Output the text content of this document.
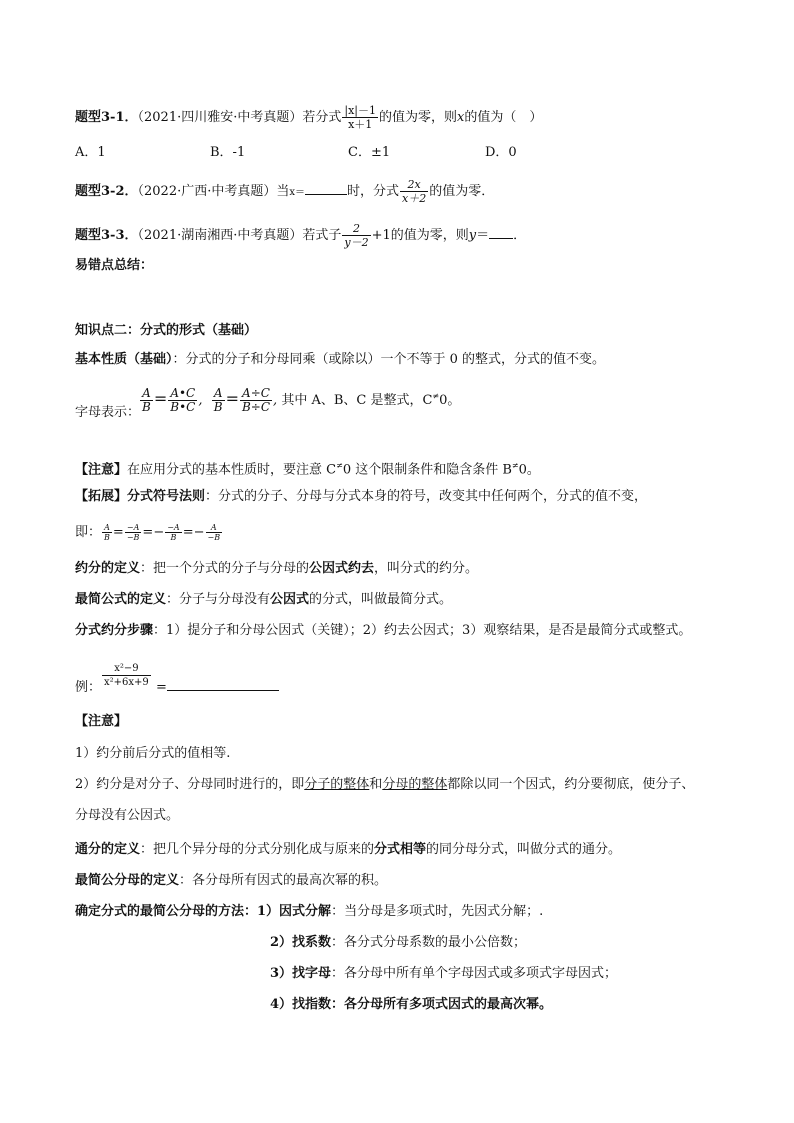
题型3-1．（2021·四川雅安·中考真题）若分式 $\frac{|x|-1}{x+1}$ 的值为零，则x的值为（　）
A．1	B．-1	C．±1	D．0
题型3-2．（2022·广西·中考真题）当x＝	时，分式 $\frac{2x}{x+2}$ 的值为零．
题型3-3．（2021·湖南湘西·中考真题）若式子 $\frac{2}{y-2} +1$的值为零，则y＝ ．
易错点总结：
知识点二：分式的形式（基础）
基本性质（基础）：分式的分子和分母同乘（或除以）一个不等于 0 的整式，分式的值不变。
字母表示： $\frac{A}{B} = \frac{A•C}{B•C}$ , $\frac{A}{B} = \frac{A\div C}{B\div C}$ , 其中 A、B、C 是整式，C≠0。
【注意】在应用分式的基本性质时，要注意 C≠0 这个限制条件和隐含条件 B≠0。
【拓展】分式符号法则：分式的分子、分母与分式本身的符号，改变其中任何两个，分式的值不变，
即： $\frac{A}{B} = \frac{-A}{-B} =- \frac{-A}{B} =- \frac{A}{-B}$
约分的定义：把一个分式的分子与分母的公因式约去，叫分式的约分。
最简公式的定义：分子与分母没有公因式的分式，叫做最简分式。
分式约分步骤：1）提分子和分母公因式（关键）；2）约去公因式；3）观察结果，是否是最简分式或整式。
例： $\frac{\text{x²−9}}{\text{x²+6x+9}}$ =
【注意】
1）约分前后分式的值相等.
2）约分是对分子、分母同时进行的，即分子的整体和分母的整体都除以同一个因式，约分要彻底，使分子、
分母没有公因式。
通分的定义：把几个异分母的分式分别化成与原来的分式相等的同分母分式，叫做分式的通分。
最简公分母的定义：各分母所有因式的最高次幂的积。
确定分式的最简公分母的方法：1）因式分解：当分母是多项式时，先因式分解；.
2）找系数：各分式分母系数的最小公倍数；
3）找字母：各分母中所有单个字母因式或多项式字母因式；
4）找指数：各分母所有多项式因式的最高次幂。
